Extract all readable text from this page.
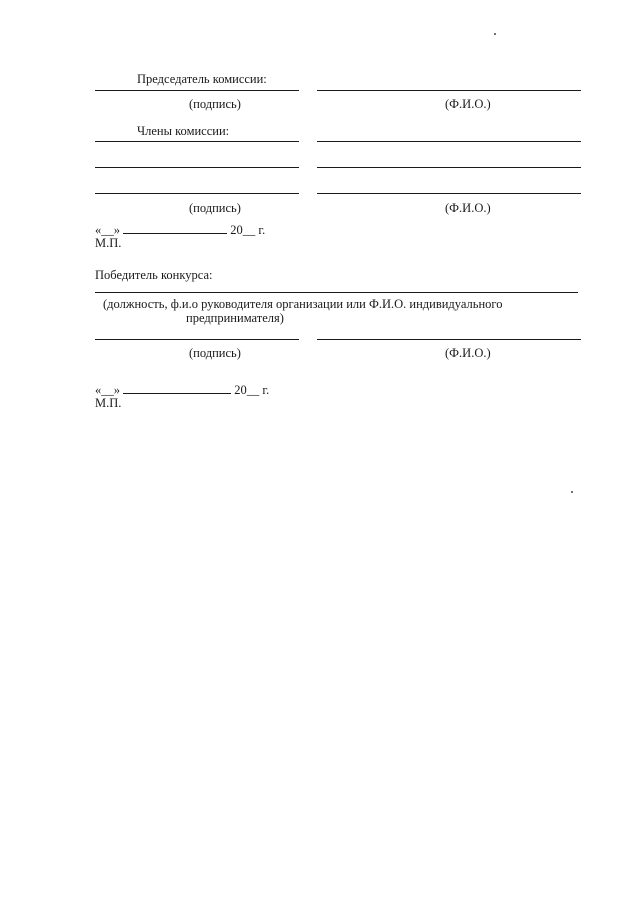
Председатель комиссии:
(подпись)	(Ф.И.О.)
Члены комиссии:
(подпись)	(Ф.И.О.)
«__»	20__ г.
М.П.
Победитель конкурса:
(должность, ф.и.о руководителя организации или Ф.И.О. индивидуального
предпринимателя)
(подпись)	(Ф.И.О.)
«__»	20__ г.
М.П.
